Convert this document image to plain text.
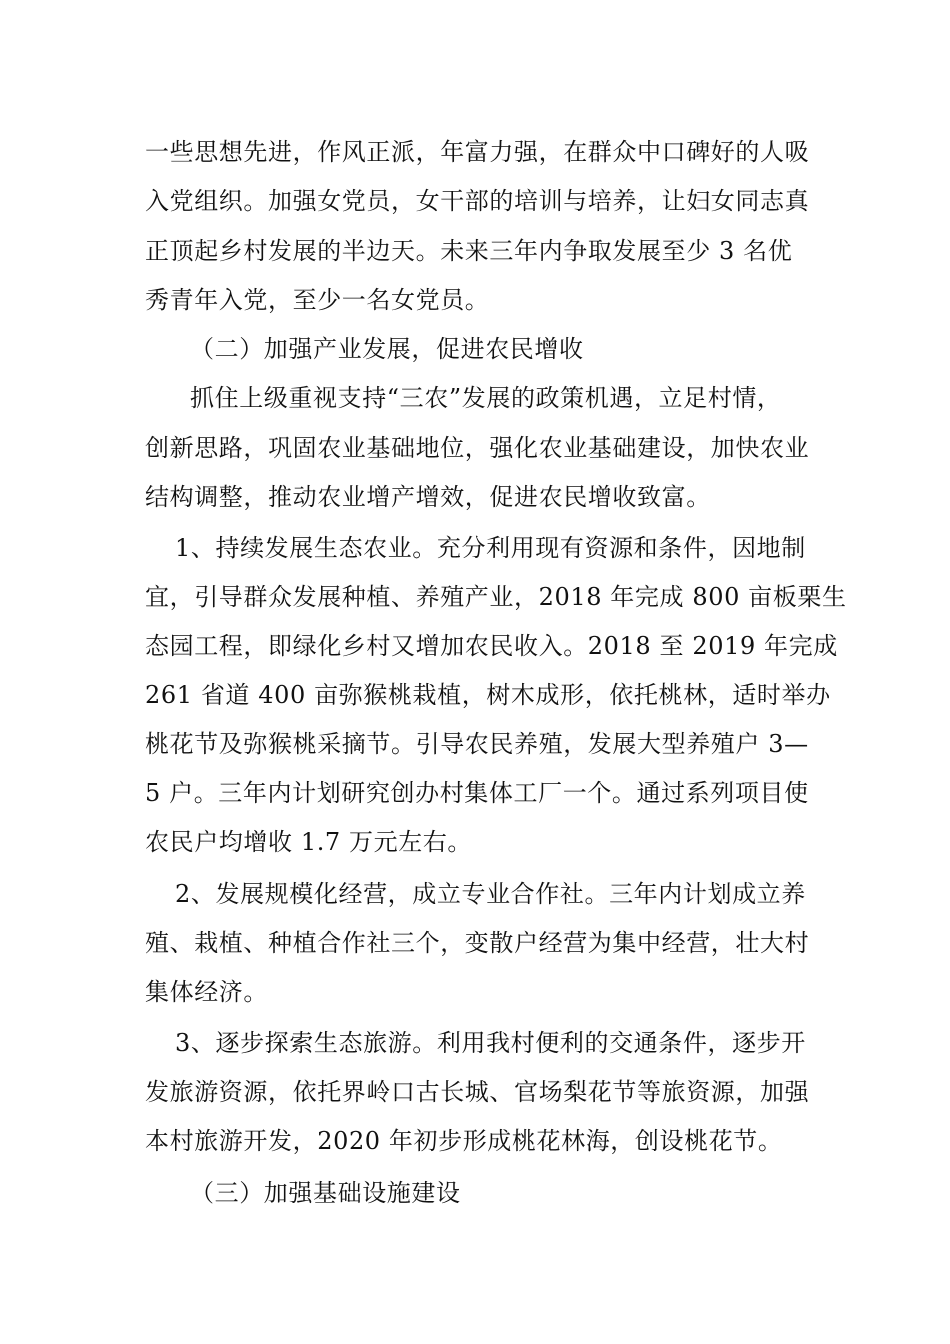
一些思想先进，作风正派，年富力强，在群众中口碑好的人吸
入党组织。加强女党员，女干部的培训与培养，让妇女同志真
正顶起乡村发展的半边天。未来三年内争取发展至少 3 名优
秀青年入党，至少一名女党员。
（二）加强产业发展，促进农民增收
抓住上级重视支持“三农”发展的政策机遇，立足村情，
创新思路，巩固农业基础地位，强化农业基础建设，加快农业
结构调整，推动农业增产增效，促进农民增收致富。
1、持续发展生态农业。充分利用现有资源和条件，因地制
宜，引导群众发展种植、养殖产业，2018 年完成 800 亩板栗生
态园工程，即绿化乡村又增加农民收入。2018 至 2019 年完成
261 省道 400 亩弥猴桃栽植，树木成形，依托桃林，适时举办
桃花节及弥猴桃采摘节。引导农民养殖，发展大型养殖户 3—
5 户。三年内计划研究创办村集体工厂一个。通过系列项目使
农民户均增收 1.7 万元左右。
2、发展规模化经营，成立专业合作社。三年内计划成立养
殖、栽植、种植合作社三个，变散户经营为集中经营，壮大村
集体经济。
3、逐步探索生态旅游。利用我村便利的交通条件，逐步开
发旅游资源，依托界岭口古长城、官场梨花节等旅资源，加强
本村旅游开发，2020 年初步形成桃花林海，创设桃花节。
（三）加强基础设施建设
